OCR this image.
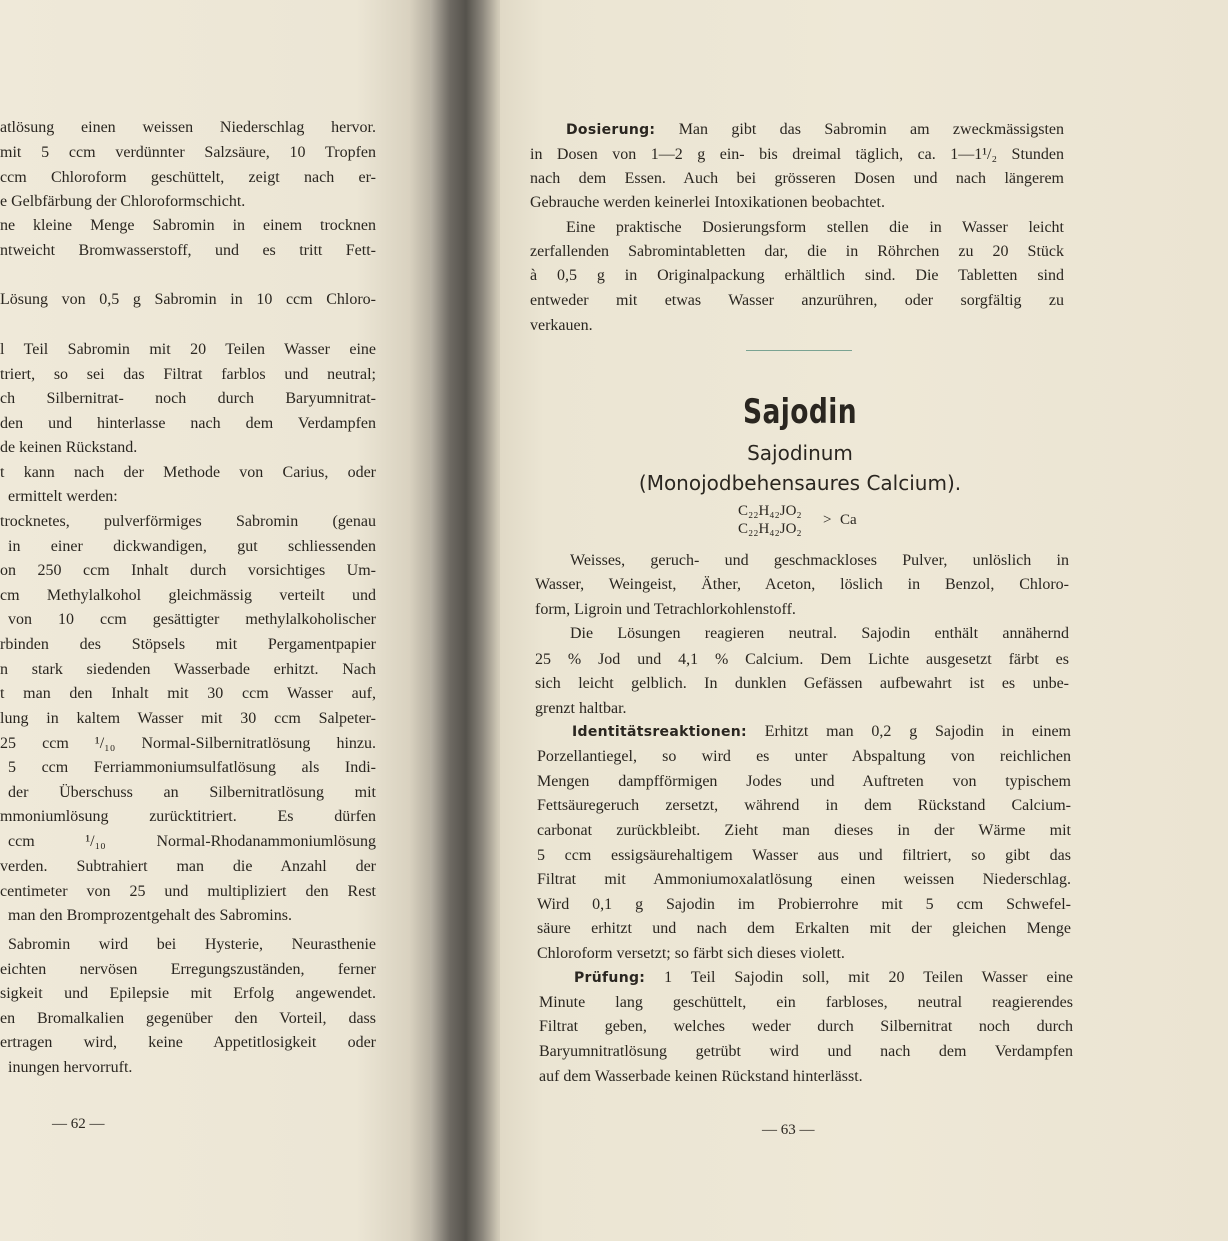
atlösung einen weissen Niederschlag hervor.
mit 5 ccm verdünnter Salzsäure, 10 Tropfen
ccm Chloroform geschüttelt, zeigt nach er-
e Gelbfärbung der Chloroformschicht.
ne kleine Menge Sabromin in einem trocknen
ntweicht Bromwasserstoff, und es tritt Fett-
Lösung von 0,5 g Sabromin in 10 ccm Chloro-
l Teil Sabromin mit 20 Teilen Wasser eine
triert, so sei das Filtrat farblos und neutral;
ch Silbernitrat- noch durch Baryumnitrat-
den und hinterlasse nach dem Verdampfen
de keinen Rückstand.
t kann nach der Methode von Carius, oder
ermittelt werden:
trocknetes, pulverförmiges Sabromin (genau
in einer dickwandigen, gut schliessenden
on 250 ccm Inhalt durch vorsichtiges Um-
cm Methylalkohol gleichmässig verteilt und
von 10 ccm gesättigter methylalkoholischer
rbinden des Stöpsels mit Pergamentpapier
n stark siedenden Wasserbade erhitzt. Nach
t man den Inhalt mit 30 ccm Wasser auf,
lung in kaltem Wasser mit 30 ccm Salpeter-
25 ccm ¹/₁₀ Normal-Silbernitratlösung hinzu.
5 ccm Ferriammoniumsulfatlösung als Indi-
der Überschuss an Silbernitratlösung mit
mmoniumlösung zurücktitriert. Es dürfen
ccm ¹/₁₀ Normal-Rhodanammoniumlösung
verden. Subtrahiert man die Anzahl der
centimeter von 25 und multipliziert den Rest
man den Bromprozentgehalt des Sabromins.
Sabromin wird bei Hysterie, Neurasthenie
eichten nervösen Erregungszuständen, ferner
sigkeit und Epilepsie mit Erfolg angewendet.
en Bromalkalien gegenüber den Vorteil, dass
ertragen wird, keine Appetitlosigkeit oder
inungen hervorruft.
— 62 —
Dosierung: Man gibt das Sabromin am zweckmässigsten
in Dosen von 1—2 g ein- bis dreimal täglich, ca. 1—1¹/₂ Stunden
nach dem Essen. Auch bei grösseren Dosen und nach längerem
Gebrauche werden keinerlei Intoxikationen beobachtet.
Eine praktische Dosierungsform stellen die in Wasser leicht
zerfallenden Sabromintabletten dar, die in Röhrchen zu 20 Stück
à 0,5 g in Originalpackung erhältlich sind. Die Tabletten sind
entweder mit etwas Wasser anzurühren, oder sorgfältig zu
verkauen.
Sajodin
Sajodinum
(Monojodbehensaures Calcium).
C₂₂H₄₂JO₂
C₂₂H₄₂JO₂
> Ca
Weisses, geruch- und geschmackloses Pulver, unlöslich in
Wasser, Weingeist, Äther, Aceton, löslich in Benzol, Chloro-
form, Ligroin und Tetrachlorkohlenstoff.
Die Lösungen reagieren neutral. Sajodin enthält annähernd
25 % Jod und 4,1 % Calcium. Dem Lichte ausgesetzt färbt es
sich leicht gelblich. In dunklen Gefässen aufbewahrt ist es unbe-
grenzt haltbar.
Identitätsreaktionen: Erhitzt man 0,2 g Sajodin in einem
Porzellantiegel, so wird es unter Abspaltung von reichlichen
Mengen dampfförmigen Jodes und Auftreten von typischem
Fettsäuregeruch zersetzt, während in dem Rückstand Calcium-
carbonat zurückbleibt. Zieht man dieses in der Wärme mit
5 ccm essigsäurehaltigem Wasser aus und filtriert, so gibt das
Filtrat mit Ammoniumoxalatlösung einen weissen Niederschlag.
Wird 0,1 g Sajodin im Probierrohre mit 5 ccm Schwefel-
säure erhitzt und nach dem Erkalten mit der gleichen Menge
Chloroform versetzt; so färbt sich dieses violett.
Prüfung: 1 Teil Sajodin soll, mit 20 Teilen Wasser eine
Minute lang geschüttelt, ein farbloses, neutral reagierendes
Filtrat geben, welches weder durch Silbernitrat noch durch
Baryumnitratlösung getrübt wird und nach dem Verdampfen
auf dem Wasserbade keinen Rückstand hinterlässt.
— 63 —
